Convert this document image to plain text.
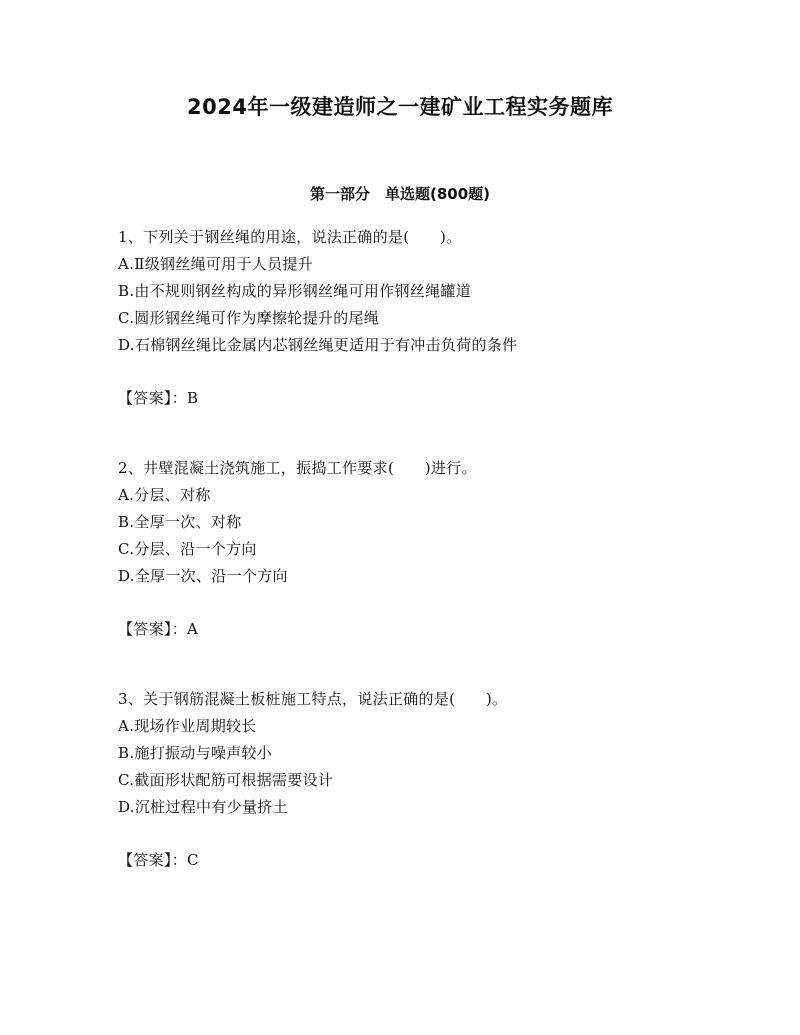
2024年一级建造师之一建矿业工程实务题库
第一部分　单选题(800题)
1、下列关于钢丝绳的用途，说法正确的是(　　)。
A.Ⅱ级钢丝绳可用于人员提升
B.由不规则钢丝构成的异形钢丝绳可用作钢丝绳罐道
C.圆形钢丝绳可作为摩擦轮提升的尾绳
D.石棉钢丝绳比金属内芯钢丝绳更适用于有冲击负荷的条件
【答案】：B
2、井壁混凝土浇筑施工，振捣工作要求(　　)进行。
A.分层、对称
B.全厚一次、对称
C.分层、沿一个方向
D.全厚一次、沿一个方向
【答案】：A
3、关于钢筋混凝土板桩施工特点，说法正确的是(　　)。
A.现场作业周期较长
B.施打振动与噪声较小
C.截面形状配筋可根据需要设计
D.沉桩过程中有少量挤土
【答案】：C
